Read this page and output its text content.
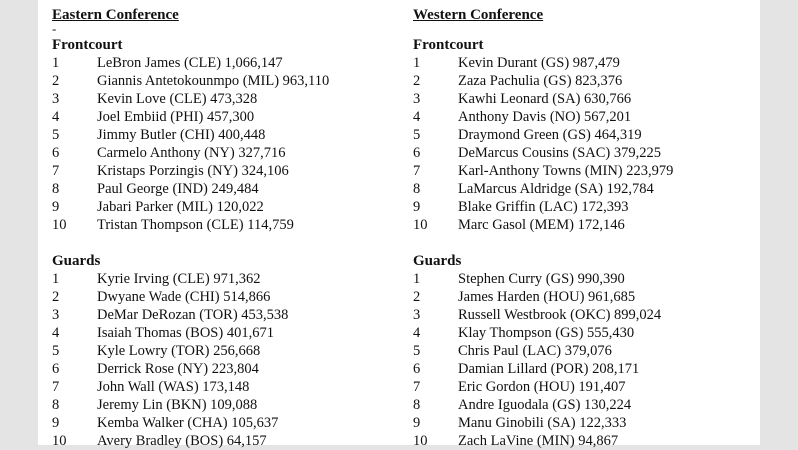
Eastern Conference
-
Frontcourt
1	LeBron James (CLE) 1,066,147
2	Giannis Antetokounmpo (MIL) 963,110
3	Kevin Love (CLE) 473,328
4	Joel Embiid (PHI) 457,300
5	Jimmy Butler (CHI) 400,448
6	Carmelo Anthony (NY) 327,716
7	Kristaps Porzingis (NY) 324,106
8	Paul George (IND) 249,484
9	Jabari Parker (MIL) 120,022
10	Tristan Thompson (CLE) 114,759
Guards
1	Kyrie Irving (CLE) 971,362
2	Dwyane Wade (CHI) 514,866
3	DeMar DeRozan (TOR) 453,538
4	Isaiah Thomas (BOS) 401,671
5	Kyle Lowry (TOR) 256,668
6	Derrick Rose (NY) 223,804
7	John Wall (WAS) 173,148
8	Jeremy Lin (BKN) 109,088
9	Kemba Walker (CHA) 105,637
10	Avery Bradley (BOS) 64,157
Western Conference
Frontcourt
1	Kevin Durant (GS) 987,479
2	Zaza Pachulia (GS) 823,376
3	Kawhi Leonard (SA) 630,766
4	Anthony Davis (NO) 567,201
5	Draymond Green (GS) 464,319
6	DeMarcus Cousins (SAC) 379,225
7	Karl-Anthony Towns (MIN) 223,979
8	LaMarcus Aldridge (SA) 192,784
9	Blake Griffin (LAC) 172,393
10	Marc Gasol (MEM) 172,146
Guards
1	Stephen Curry (GS) 990,390
2	James Harden (HOU) 961,685
3	Russell Westbrook (OKC) 899,024
4	Klay Thompson (GS) 555,430
5	Chris Paul (LAC) 379,076
6	Damian Lillard (POR) 208,171
7	Eric Gordon (HOU) 191,407
8	Andre Iguodala (GS) 130,224
9	Manu Ginobili (SA) 122,333
10	Zach LaVine (MIN) 94,867
